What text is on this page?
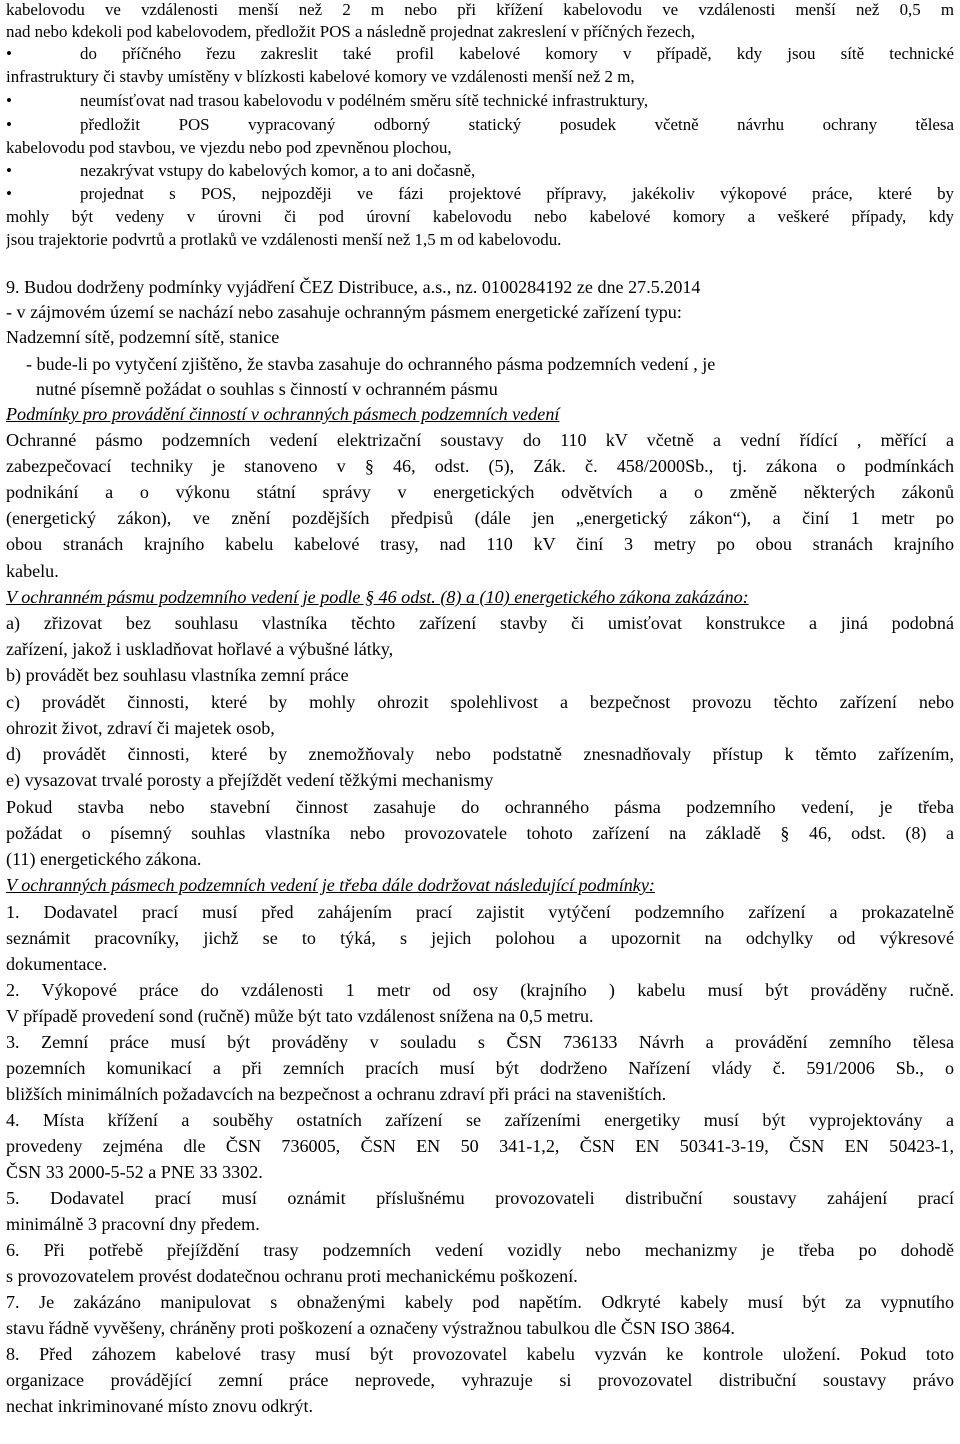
kabelovodu ve vzdálenosti menší než 2 m nebo při křížení kabelovodu ve vzdálenosti menší než 0,5 m
nad nebo kdekoli pod kabelovodem, předložit POS a následně projednat zakreslení v příčných řezech,
•	do příčného řezu zakreslit také profil kabelové komory v případě, kdy jsou sítě technické
infrastruktury či stavby umístěny v blízkosti kabelové komory ve vzdálenosti menší než 2 m,
•	neumísťovat nad trasou kabelovodu v podélném směru sítě technické infrastruktury,
•	předložit POS vypracovaný odborný statický posudek včetně návrhu ochrany tělesa
kabelovodu pod stavbou, ve vjezdu nebo pod zpevněnou plochou,
•	nezakrývat vstupy do kabelových komor, a to ani dočasně,
•	projednat s POS, nejpozději ve fázi projektové přípravy, jakékoliv výkopové práce, které by
mohly být vedeny v úrovni či pod úrovní kabelovodu nebo kabelové komory a veškeré případy, kdy
jsou trajektorie podvrtů a protlaků ve vzdálenosti menší než 1,5 m od kabelovodu.
9. Budou dodrženy podmínky vyjádření ČEZ Distribuce, a.s., nz. 0100284192 ze dne 27.5.2014
- v zájmovém území se nachází nebo zasahuje ochranným pásmem energetické zařízení typu:
Nadzemní sítě, podzemní sítě, stanice
- bude-li po vytyčení zjištěno, že stavba zasahuje do ochranného pásma podzemních vedení , je
nutné písemně požádat o souhlas s činností v ochranném pásmu
Podmínky pro provádění činností v ochranných pásmech podzemních vedení
Ochranné pásmo podzemních vedení elektrizační soustavy do 110 kV včetně a vední řídící , měřící a
zabezpečovací techniky je stanoveno v § 46, odst. (5), Zák. č. 458/2000Sb., tj. zákona o podmínkách
podnikání a o výkonu státní správy v energetických odvětvích a o změně některých zákonů
(energetický zákon), ve znění pozdějších předpisů (dále jen „energetický zákon“), a činí 1 metr po
obou stranách krajního kabelu kabelové trasy, nad 110 kV činí 3 metry po obou stranách krajního
kabelu.
V ochranném pásmu podzemního vedení je podle § 46 odst. (8) a (10) energetického zákona zakázáno:
a) zřizovat bez souhlasu vlastníka těchto zařízení stavby či umisťovat konstrukce a jiná podobná
zařízení, jakož i uskladňovat hořlavé a výbušné látky,
b) provádět bez souhlasu vlastníka zemní práce
c) provádět činnosti, které by mohly ohrozit spolehlivost a bezpečnost provozu těchto zařízení nebo
ohrozit život, zdraví či majetek osob,
d) provádět činnosti, které by znemožňovaly nebo podstatně znesnadňovaly přístup k těmto zařízením,
e) vysazovat trvalé porosty a přejíždět vedení těžkými mechanismy
Pokud stavba nebo stavební činnost zasahuje do ochranného pásma podzemního vedení, je třeba
požádat o písemný souhlas vlastníka nebo provozovatele tohoto zařízení na základě § 46, odst. (8) a
(11) energetického zákona.
V ochranných pásmech podzemních vedení je třeba dále dodržovat následující podmínky:
1. Dodavatel prací musí před zahájením prací zajistit vytýčení podzemního zařízení a prokazatelně
seznámit pracovníky, jichž se to týká, s jejich polohou a upozornit na odchylky od výkresové
dokumentace.
2. Výkopové práce do vzdálenosti 1 metr od osy (krajního ) kabelu musí být prováděny ručně.
V případě provedení sond (ručně) může být tato vzdálenost snížena na 0,5 metru.
3. Zemní práce musí být prováděny v souladu s ČSN 736133 Návrh a provádění zemního tělesa
pozemních komunikací a při zemních pracích musí být dodrženo Nařízení vlády č. 591/2006 Sb., o
bližších minimálních požadavcích na bezpečnost a ochranu zdraví při práci na staveništích.
4. Místa křížení a souběhy ostatních zařízení se zařízeními energetiky musí být vyprojektovány a
provedeny zejména dle ČSN 736005, ČSN EN 50 341-1,2, ČSN EN 50341-3-19, ČSN EN 50423-1,
ČSN 33 2000-5-52 a PNE 33 3302.
5. Dodavatel prací musí oznámit příslušnému provozovateli distribuční soustavy zahájení prací
minimálně 3 pracovní dny předem.
6. Při potřebě přejíždění trasy podzemních vedení vozidly nebo mechanizmy je třeba po dohodě
s provozovatelem provést dodatečnou ochranu proti mechanickému poškození.
7. Je zakázáno manipulovat s obnaženými kabely pod napětím. Odkryté kabely musí být za vypnutího
stavu řádně vyvěšeny, chráněny proti poškození a označeny výstražnou tabulkou dle ČSN ISO 3864.
8. Před záhozem kabelové trasy musí být provozovatel kabelu vyzván ke kontrole uložení. Pokud toto
organizace provádějící zemní práce neprovede, vyhrazuje si provozovatel distribuční soustavy právo
nechat inkriminované místo znovu odkrýt.
